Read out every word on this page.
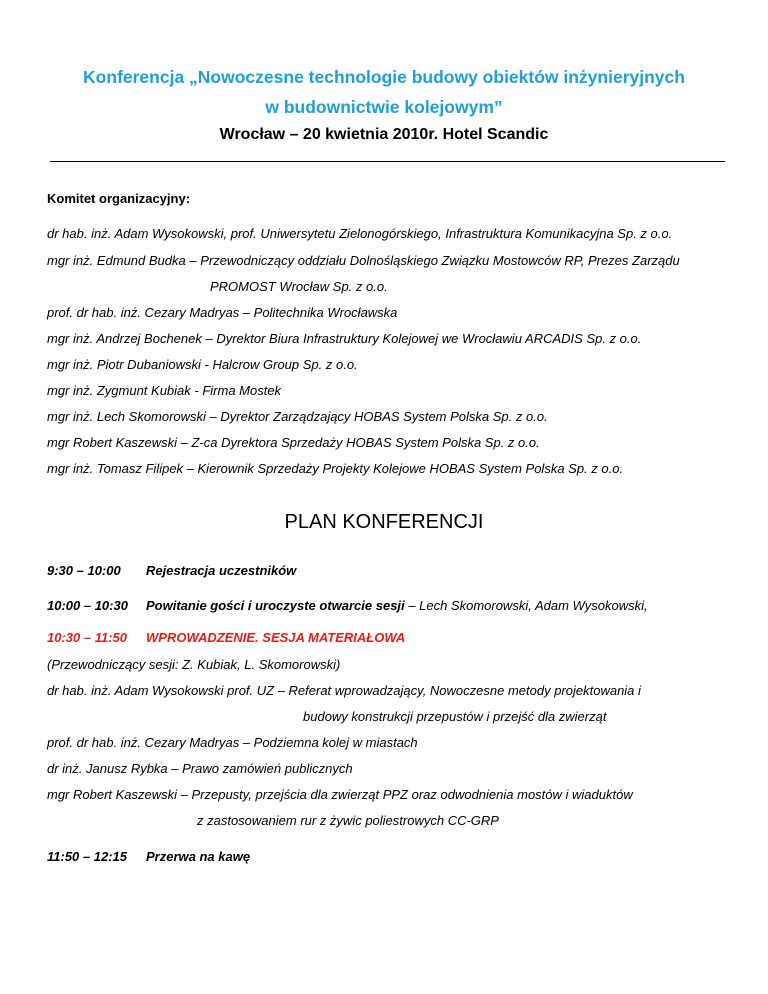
Konferencja „Nowoczesne technologie budowy obiektów inżynieryjnych
w budownictwie kolejowym”
Wrocław – 20 kwietnia 2010r. Hotel Scandic
Komitet organizacyjny:
dr hab. inż. Adam Wysokowski, prof. Uniwersytetu Zielonogórskiego, Infrastruktura Komunikacyjna Sp. z o.o.
mgr inż. Edmund Budka – Przewodniczący oddziału Dolnośląskiego Związku Mostowców RP, Prezes Zarządu
PROMOST Wrocław Sp. z o.o.
prof. dr hab. inż. Cezary Madryas – Politechnika Wrocławska
mgr inż. Andrzej Bochenek – Dyrektor Biura Infrastruktury Kolejowej we Wrocławiu ARCADIS Sp. z o.o.
mgr inż. Piotr Dubaniowski - Halcrow Group Sp. z o.o.
mgr inż. Zygmunt Kubiak - Firma Mostek
mgr inż. Lech Skomorowski – Dyrektor Zarządzający HOBAS System Polska Sp. z o.o.
mgr Robert Kaszewski – Z-ca Dyrektora Sprzedaży HOBAS System Polska Sp. z o.o.
mgr inż. Tomasz Filipek – Kierownik Sprzedaży Projekty Kolejowe HOBAS System Polska Sp. z o.o.
PLAN KONFERENCJI
9:30 – 10:00 Rejestracja uczestników
10:00 – 10:30 Powitanie gości i uroczyste otwarcie sesji – Lech Skomorowski, Adam Wysokowski,
10:30 – 11:50 WPROWADZENIE. SESJA MATERIAŁOWA
(Przewodniczący sesji: Z. Kubiak, L. Skomorowski)
dr hab. inż. Adam Wysokowski prof. UZ – Referat wprowadzający, Nowoczesne metody projektowania i
budowy konstrukcji przepustów i przejść dla zwierząt
prof. dr hab. inż. Cezary Madryas – Podziemna kolej w miastach
dr inż. Janusz Rybka – Prawo zamówień publicznych
mgr Robert Kaszewski – Przepusty, przejścia dla zwierząt PPZ oraz odwodnienia mostów i wiaduktów
z zastosowaniem rur z żywic poliestrowych CC-GRP
11:50 – 12:15 Przerwa na kawę
